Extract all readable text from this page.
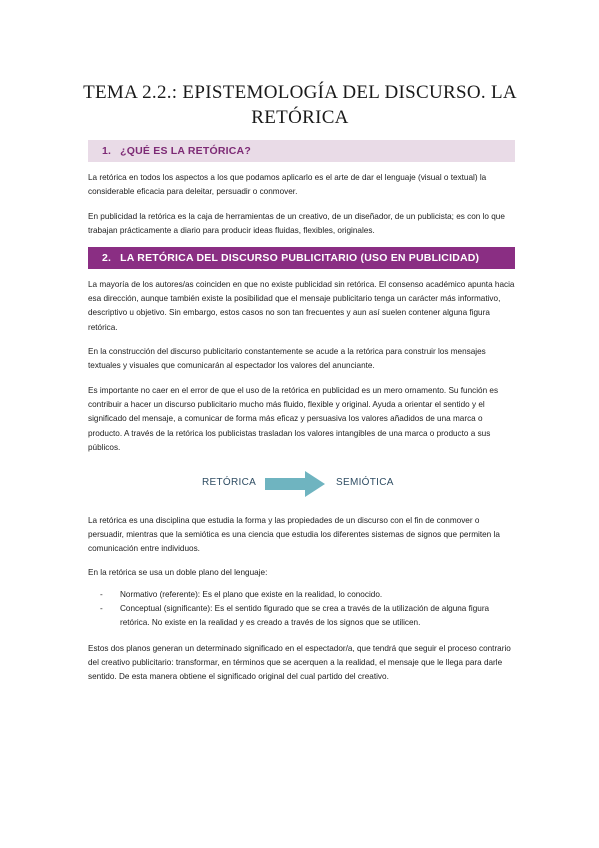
TEMA 2.2.: EPISTEMOLOGÍA DEL DISCURSO. LA RETÓRICA
1. ¿QUÉ ES LA RETÓRICA?

La retórica en todos los aspectos a los que podamos aplicarlo es el arte de dar el lenguaje (visual o textual) la considerable eficacia para deleitar, persuadir o conmover.

En publicidad la retórica es la caja de herramientas de un creativo, de un diseñador, de un publicista; es con lo que trabajan prácticamente a diario para producir ideas fluidas, flexibles, originales.

2. LA RETÓRICA DEL DISCURSO PUBLICITARIO (USO EN PUBLICIDAD)

La mayoría de los autores/as coinciden en que no existe publicidad sin retórica. El consenso académico apunta hacia esa dirección, aunque también existe la posibilidad que el mensaje publicitario tenga un carácter más informativo, descriptivo u objetivo. Sin embargo, estos casos no son tan frecuentes y aun así suelen contener alguna figura retórica.

En la construcción del discurso publicitario constantemente se acude a la retórica para construir los mensajes textuales y visuales que comunicarán al espectador los valores del anunciante.

Es importante no caer en el error de que el uso de la retórica en publicidad es un mero ornamento. Su función es contribuir a hacer un discurso publicitario mucho más fluido, flexible y original. Ayuda a orientar el sentido y el significado del mensaje, a comunicar de forma más eficaz y persuasiva los valores añadidos de una marca o producto. A través de la retórica los publicistas trasladan los valores intangibles de una marca o producto a sus públicos.

RETÓRICA	SEMIÓTICA

La retórica es una disciplina que estudia la forma y las propiedades de un discurso con el fin de conmover o persuadir, mientras que la semiótica es una ciencia que estudia los diferentes sistemas de signos que permiten la comunicación entre individuos.

En la retórica se usa un doble plano del lenguaje:

- Normativo (referente): Es el plano que existe en la realidad, lo conocido.
- Conceptual (significante): Es el sentido figurado que se crea a través de la utilización de alguna figura retórica. No existe en la realidad y es creado a través de los signos que se utilicen.

Estos dos planos generan un determinado significado en el espectador/a, que tendrá que seguir el proceso contrario del creativo publicitario: transformar, en términos que se acerquen a la realidad, el mensaje que le llega para darle sentido. De esta manera obtiene el significado original del cual partido del creativo.
